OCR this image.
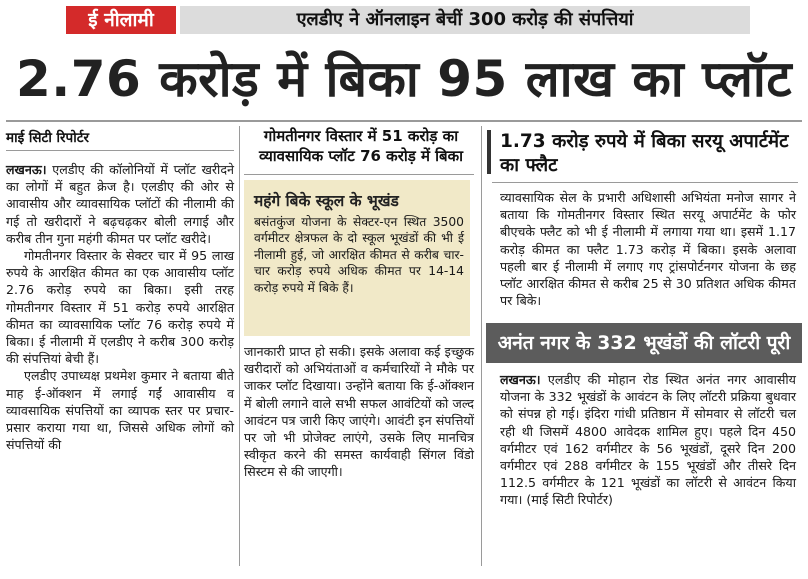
ई नीलामी	एलडीए ने ऑनलाइन बेचीं 300 करोड़ की संपत्तियां
2.76 करोड़ में बिका 95 लाख का प्लॉट
माई सिटी रिपोर्टर

लखनऊ। एलडीए की कॉलोनियों में प्लॉट खरीदने का लोगों में बहुत क्रेज है। एलडीए की ओर से आवासीय और व्यावसायिक प्लॉटों की नीलामी की गई तो खरीदारों ने बढ़चढ़कर बोली लगाई और करीब तीन गुना महंगी कीमत पर प्लॉट खरीदे।

गोमतीनगर विस्तार के सेक्टर चार में 95 लाख रुपये के आरक्षित कीमत का एक आवासीय प्लॉट 2.76 करोड़ रुपये का बिका। इसी तरह गोमतीनगर विस्तार में 51 करोड़ रुपये आरक्षित कीमत का व्यावसायिक प्लॉट 76 करोड़ रुपये में बिका। ई नीलामी में एलडीए ने करीब 300 करोड़ की संपत्तियां बेची हैं।

एलडीए उपाध्यक्ष प्रथमेश कुमार ने बताया बीते माह ई-ऑक्शन में लगाई गईं आवासीय व व्यावसायिक संपत्तियों का व्यापक स्तर पर प्रचार-प्रसार कराया गया था, जिससे अधिक लोगों को संपत्तियों की

गोमतीनगर विस्तार में 51 करोड़ का व्यावसायिक प्लॉट 76 करोड़ में बिका
महंगे बिके स्कूल के भूखंड
बसंतकुंज योजना के सेक्टर-एन स्थित 3500 वर्गमीटर क्षेत्रफल के दो स्कूल भूखंडों की भी ई नीलामी हुई, जो आरक्षित कीमत से करीब चार-चार करोड़ रुपये अधिक कीमत पर 14-14 करोड़ रुपये में बिके हैं।
जानकारी प्राप्त हो सकी। इसके अलावा कई इच्छुक खरीदारों को अभियंताओं व कर्मचारियों ने मौके पर जाकर प्लॉट दिखाया। उन्होंने बताया कि ई-ऑक्शन में बोली लगाने वाले सभी सफल आवंटियों को जल्द आवंटन पत्र जारी किए जाएंगे। आवंटी इन संपत्तियों पर जो भी प्रोजेक्ट लाएंगे, उसके लिए मानचित्र स्वीकृत करने की समस्त कार्यवाही सिंगल विंडो सिस्टम से की जाएगी।
1.73 करोड़ रुपये में बिका सरयू अपार्टमेंट का फ्लैट
व्यावसायिक सेल के प्रभारी अधिशासी अभियंता मनोज सागर ने बताया कि गोमतीनगर विस्तार स्थित सरयू अपार्टमेंट के फोर बीएचके फ्लैट को भी ई नीलामी में लगाया गया था। इसमें 1.17 करोड़ कीमत का फ्लैट 1.73 करोड़ में बिका। इसके अलावा पहली बार ई नीलामी में लगाए गए ट्रांसपोर्टनगर योजना के छह प्लॉट आरक्षित कीमत से करीब 25 से 30 प्रतिशत अधिक कीमत पर बिके।
अनंत नगर के 332 भूखंडों की लॉटरी पूरी
लखनऊ। एलडीए की मोहान रोड स्थित अनंत नगर आवासीय योजना के 332 भूखंडों के आवंटन के लिए लॉटरी प्रक्रिया बुधवार को संपन्न हो गई। इंदिरा गांधी प्रतिष्ठान में सोमवार से लॉटरी चल रही थी जिसमें 4800 आवेदक शामिल हुए। पहले दिन 450 वर्गमीटर एवं 162 वर्गमीटर के 56 भूखंडों, दूसरे दिन 200 वर्गमीटर एवं 288 वर्गमीटर के 155 भूखंडों और तीसरे दिन 112.5 वर्गमीटर के 121 भूखंडों का लॉटरी से आवंटन किया गया। (माई सिटी रिपोर्टर)
